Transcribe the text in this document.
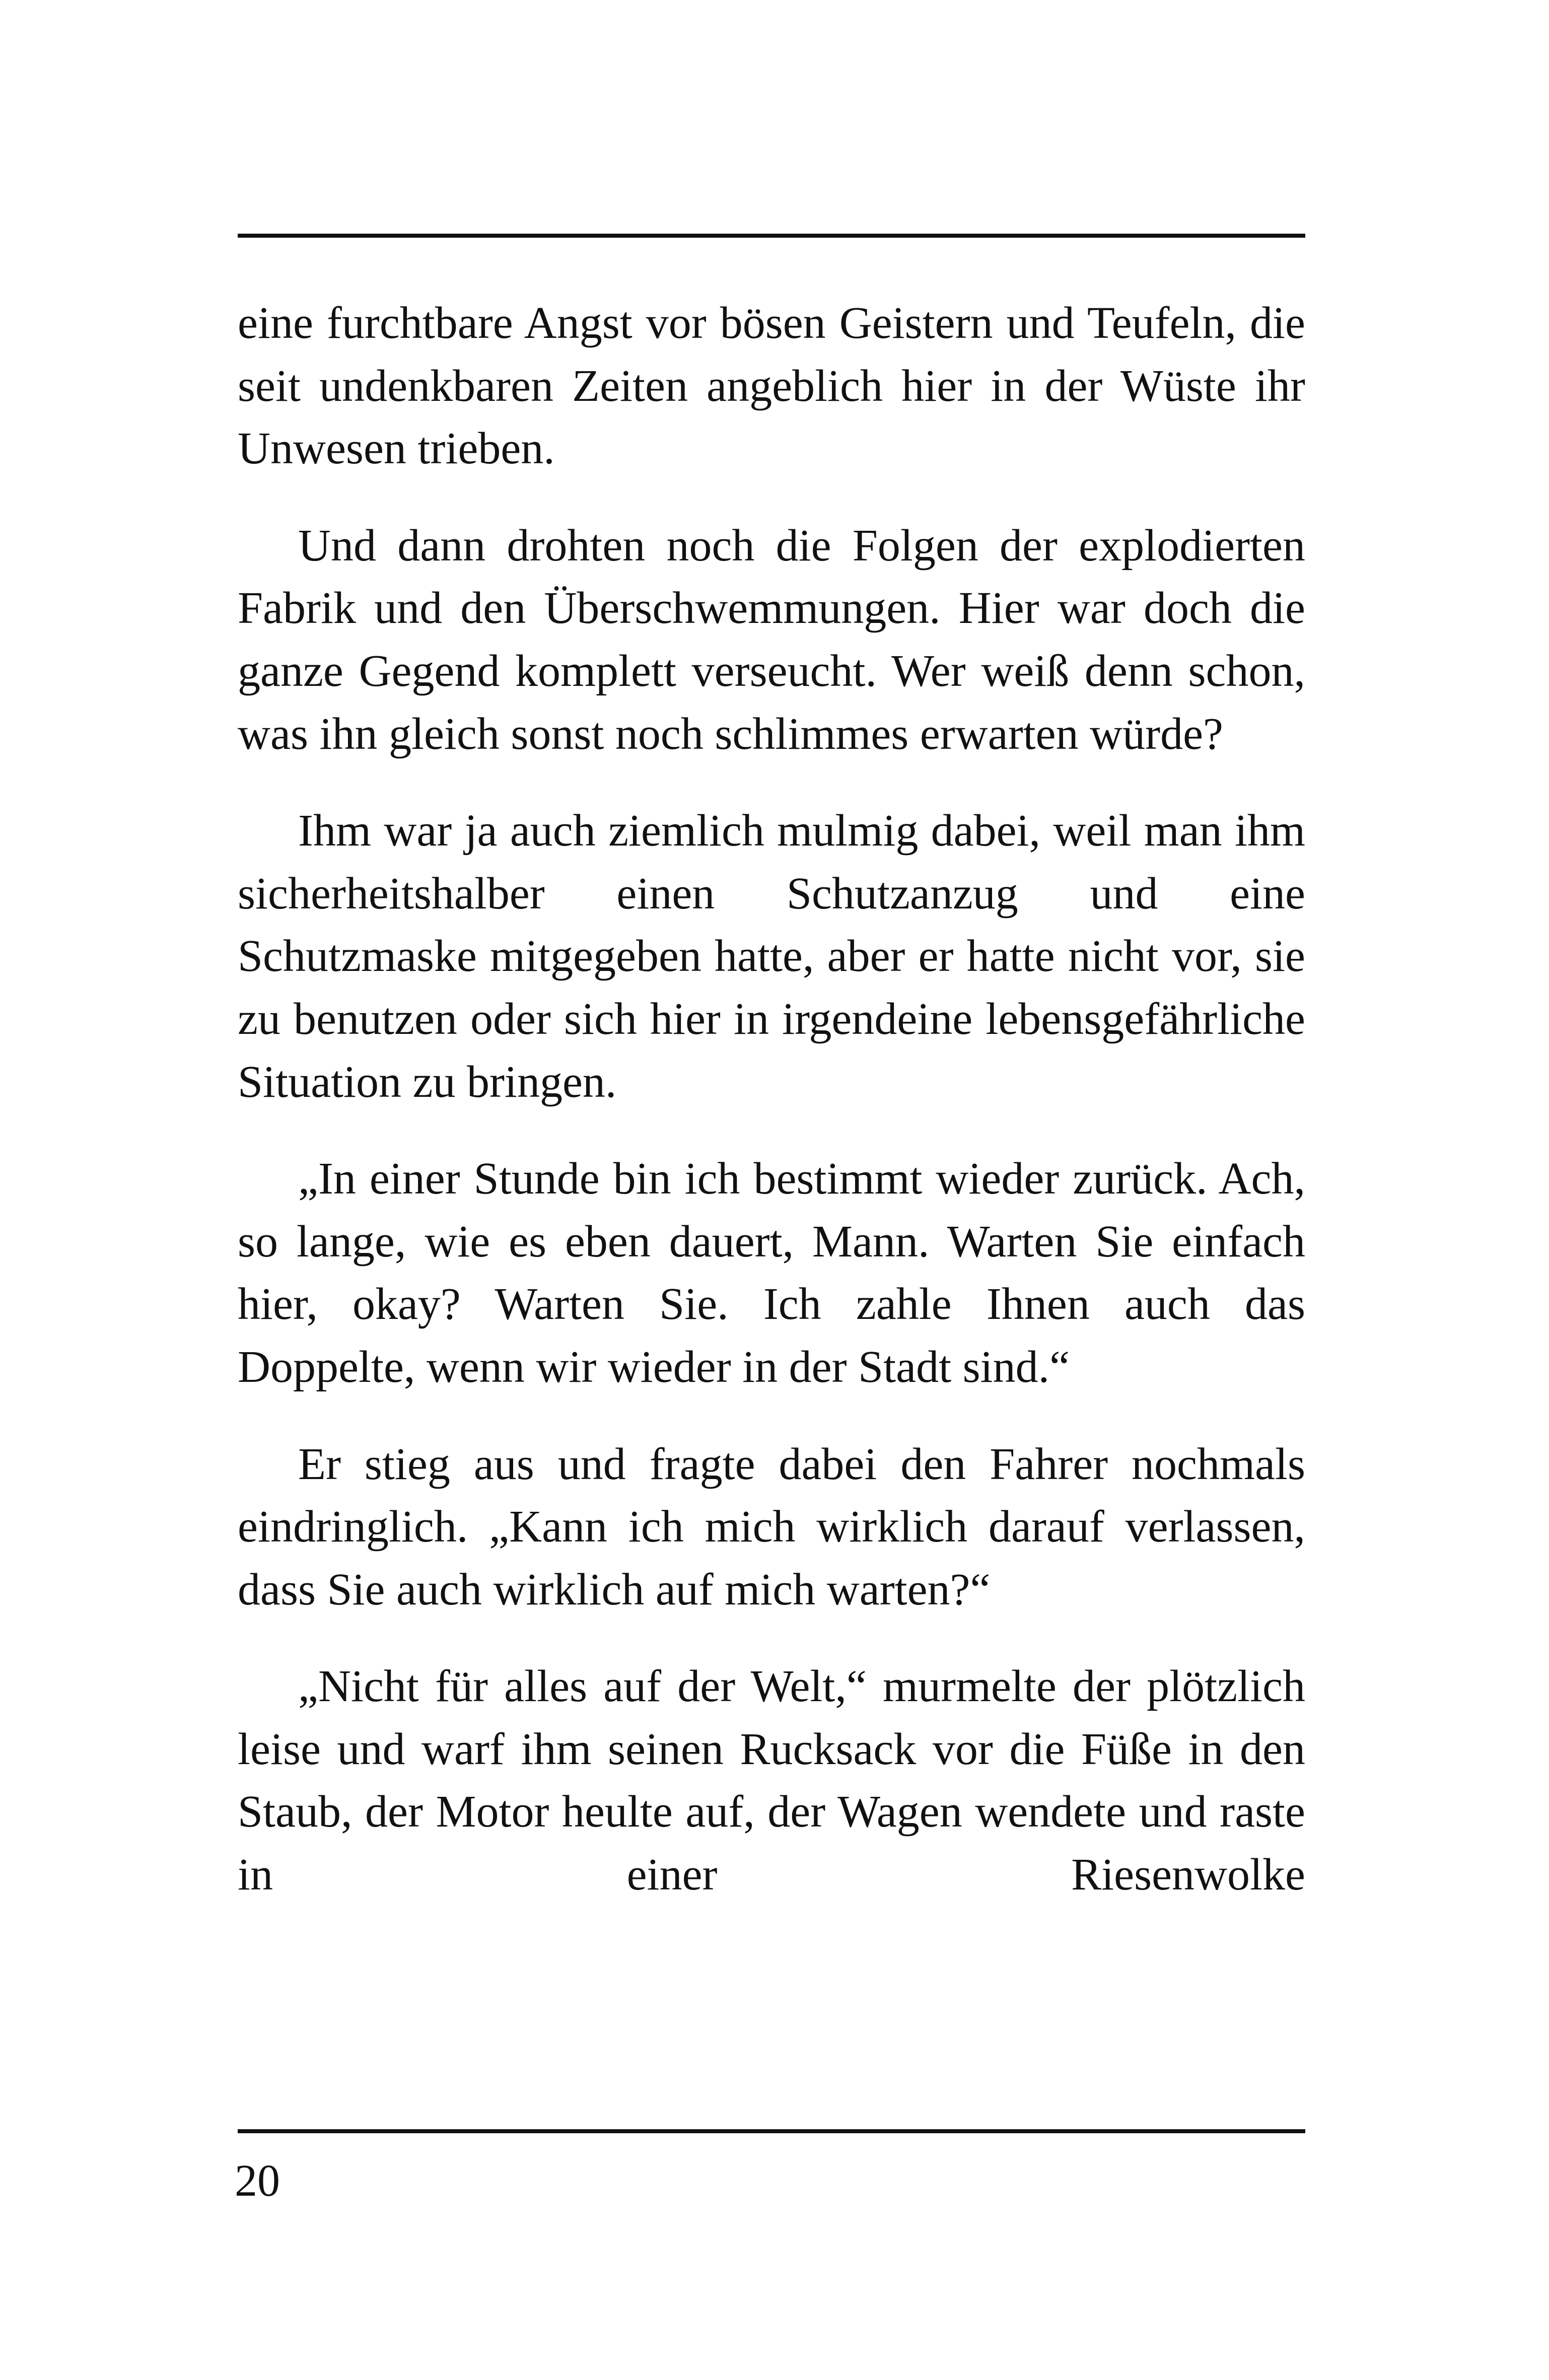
eine furchtbare Angst vor bösen Geistern und Teufeln, die seit undenkbaren Zeiten angeblich hier in der Wüste ihr Unwesen trieben.

Und dann drohten noch die Folgen der explodierten Fabrik und den Überschwemmungen. Hier war doch die ganze Gegend komplett verseucht. Wer weiß denn schon, was ihn gleich sonst noch schlimmes erwarten würde?

Ihm war ja auch ziemlich mulmig dabei, weil man ihm sicherheitshalber einen Schutzanzug und eine Schutzmaske mitgegeben hatte, aber er hatte nicht vor, sie zu benutzen oder sich hier in irgendeine lebensgefährliche Situation zu bringen.

„In einer Stunde bin ich bestimmt wieder zurück. Ach, so lange, wie es eben dauert, Mann. Warten Sie einfach hier, okay? Warten Sie. Ich zahle Ihnen auch das Doppelte, wenn wir wieder in der Stadt sind.“

Er stieg aus und fragte dabei den Fahrer nochmals eindringlich. „Kann ich mich wirklich darauf verlassen, dass Sie auch wirklich auf mich warten?“

„Nicht für alles auf der Welt,“ murmelte der plötzlich leise und warf ihm seinen Rucksack vor die Füße in den Staub, der Motor heulte auf, der Wagen wendete und raste in einer Riesenwolke

20
